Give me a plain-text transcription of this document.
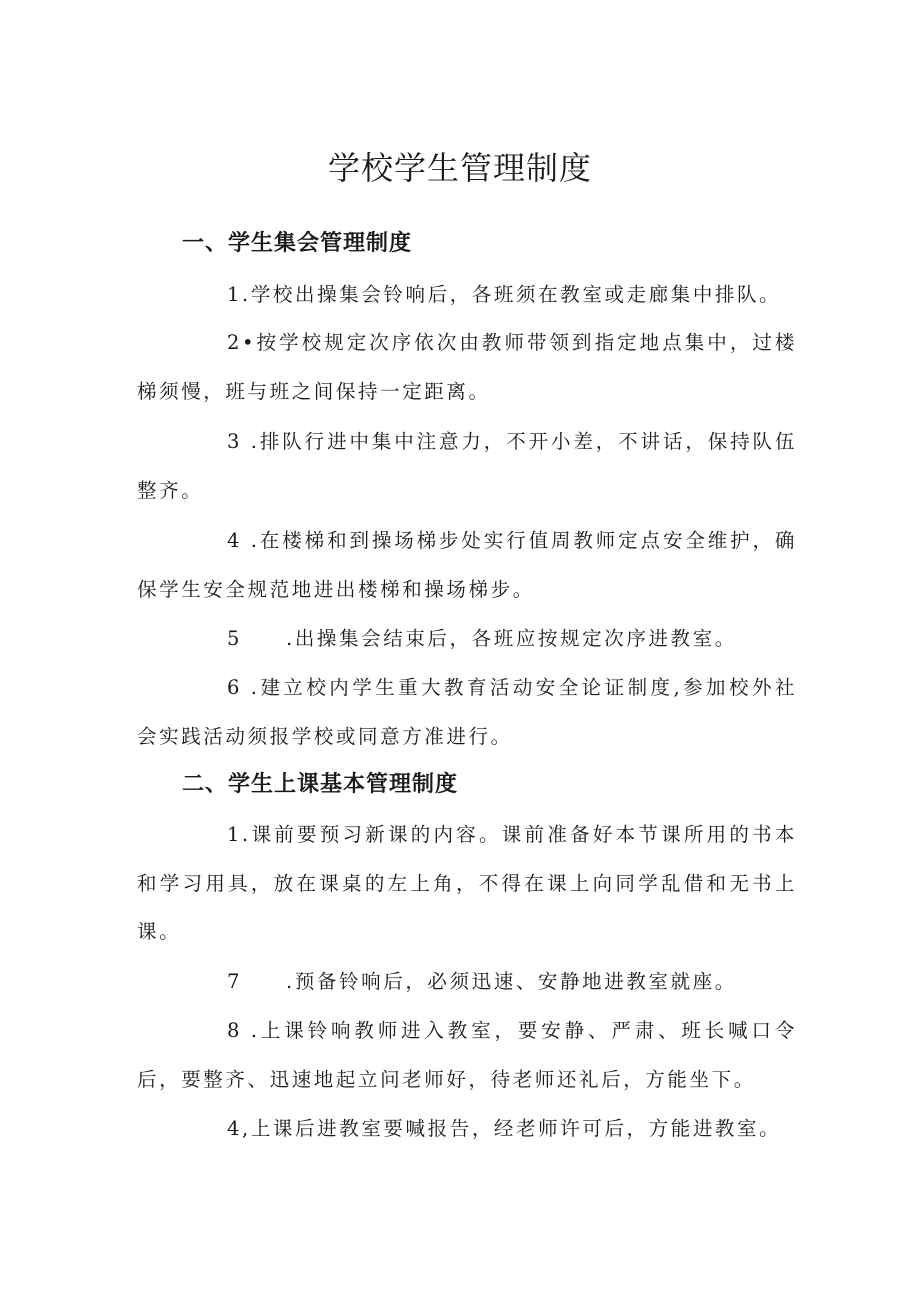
学校学生管理制度
一、学生集会管理制度

1.学校出操集会铃响后，各班须在教室或走廊集中排队。

2•按学校规定次序依次由教师带领到指定地点集中，过楼梯须慢，班与班之间保持一定距离。

3 .排队行进中集中注意力，不开小差，不讲话，保持队伍整齐。

4 .在楼梯和到操场梯步处实行值周教师定点安全维护，确保学生安全规范地进出楼梯和操场梯步。

5 .出操集会结束后，各班应按规定次序进教室。

6 .建立校内学生重大教育活动安全论证制度,参加校外社会实践活动须报学校或同意方准进行。

二、学生上课基本管理制度

1.课前要预习新课的内容。课前准备好本节课所用的书本和学习用具，放在课桌的左上角，不得在课上向同学乱借和无书上课。

7 .预备铃响后，必须迅速、安静地进教室就座。

8 .上课铃响教师进入教室，要安静、严肃、班长喊口令后，要整齐、迅速地起立问老师好，待老师还礼后，方能坐下。

4,上课后进教室要喊报告，经老师许可后，方能进教室。
